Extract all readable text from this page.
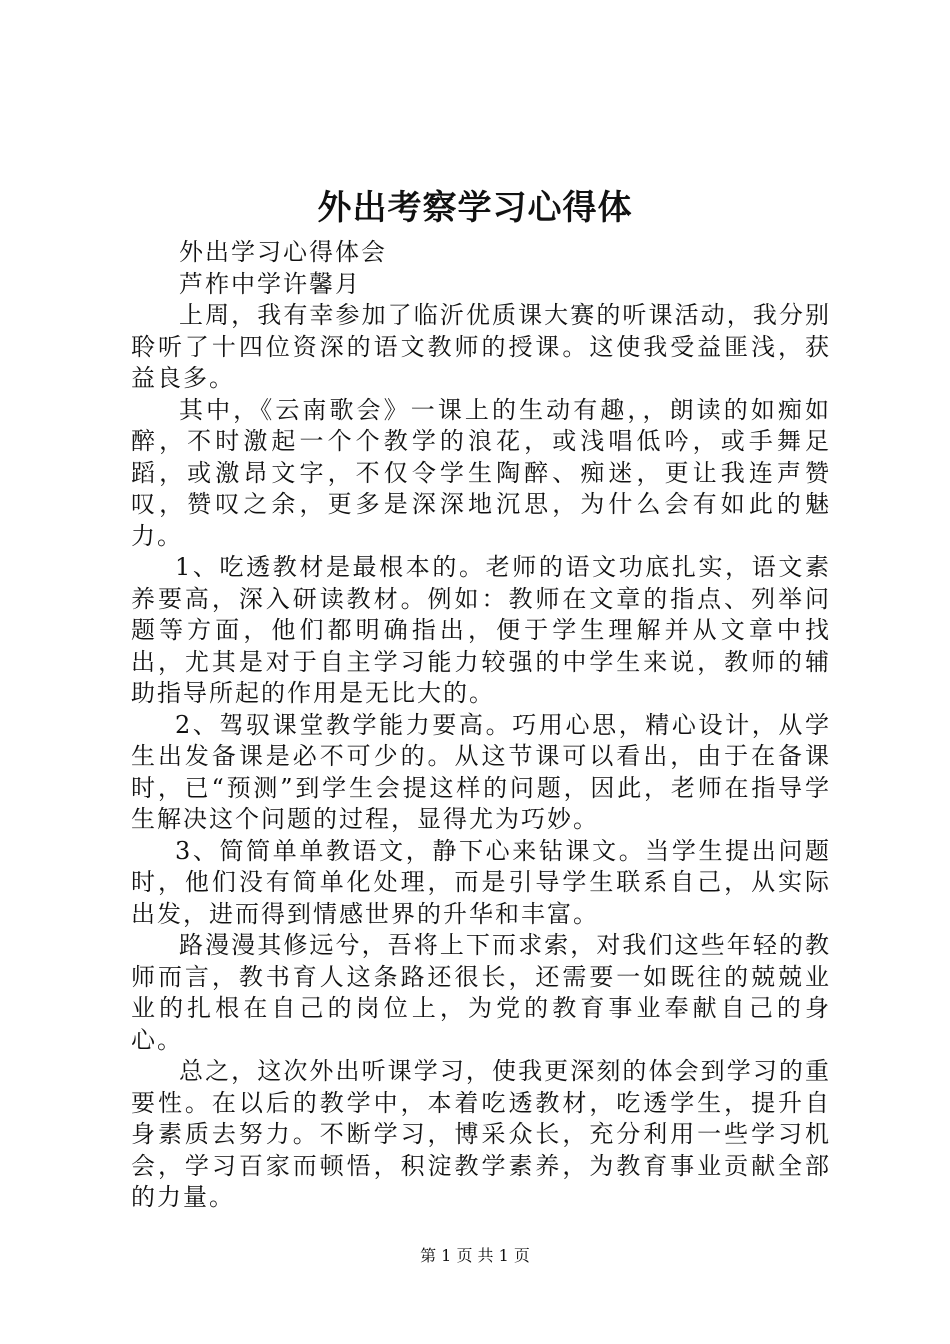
外出考察学习心得体

外出学习心得体会

芦柞中学许馨月

上周，我有幸参加了临沂优质课大赛的听课活动，我分别聆听了十四位资深的语文教师的授课。这使我受益匪浅，获益良多。

其中，《云南歌会》一课上的生动有趣，，朗读的如痴如醉，不时激起一个个教学的浪花，或浅唱低吟，或手舞足蹈，或激昂文字，不仅令学生陶醉、痴迷，更让我连声赞叹，赞叹之余，更多是深深地沉思，为什么会有如此的魅力。

1、吃透教材是最根本的。老师的语文功底扎实，语文素养要高，深入研读教材。例如：教师在文章的指点、列举问题等方面，他们都明确指出，便于学生理解并从文章中找出，尤其是对于自主学习能力较强的中学生来说，教师的辅助指导所起的作用是无比大的。

2、驾驭课堂教学能力要高。巧用心思，精心设计，从学生出发备课是必不可少的。从这节课可以看出，由于在备课时，已“预测”到学生会提这样的问题，因此，老师在指导学生解决这个问题的过程，显得尤为巧妙。

3、简简单单教语文，静下心来钻课文。当学生提出问题时，他们没有简单化处理，而是引导学生联系自己，从实际出发，进而得到情感世界的升华和丰富。

路漫漫其修远兮，吾将上下而求索，对我们这些年轻的教师而言，教书育人这条路还很长，还需要一如既往的兢兢业业的扎根在自己的岗位上，为党的教育事业奉献自己的身心。

总之，这次外出听课学习，使我更深刻的体会到学习的重要性。在以后的教学中，本着吃透教材，吃透学生，提升自身素质去努力。不断学习，博采众长，充分利用一些学习机会，学习百家而顿悟，积淀教学素养，为教育事业贡献全部的力量。

第 1 页 共 1 页
